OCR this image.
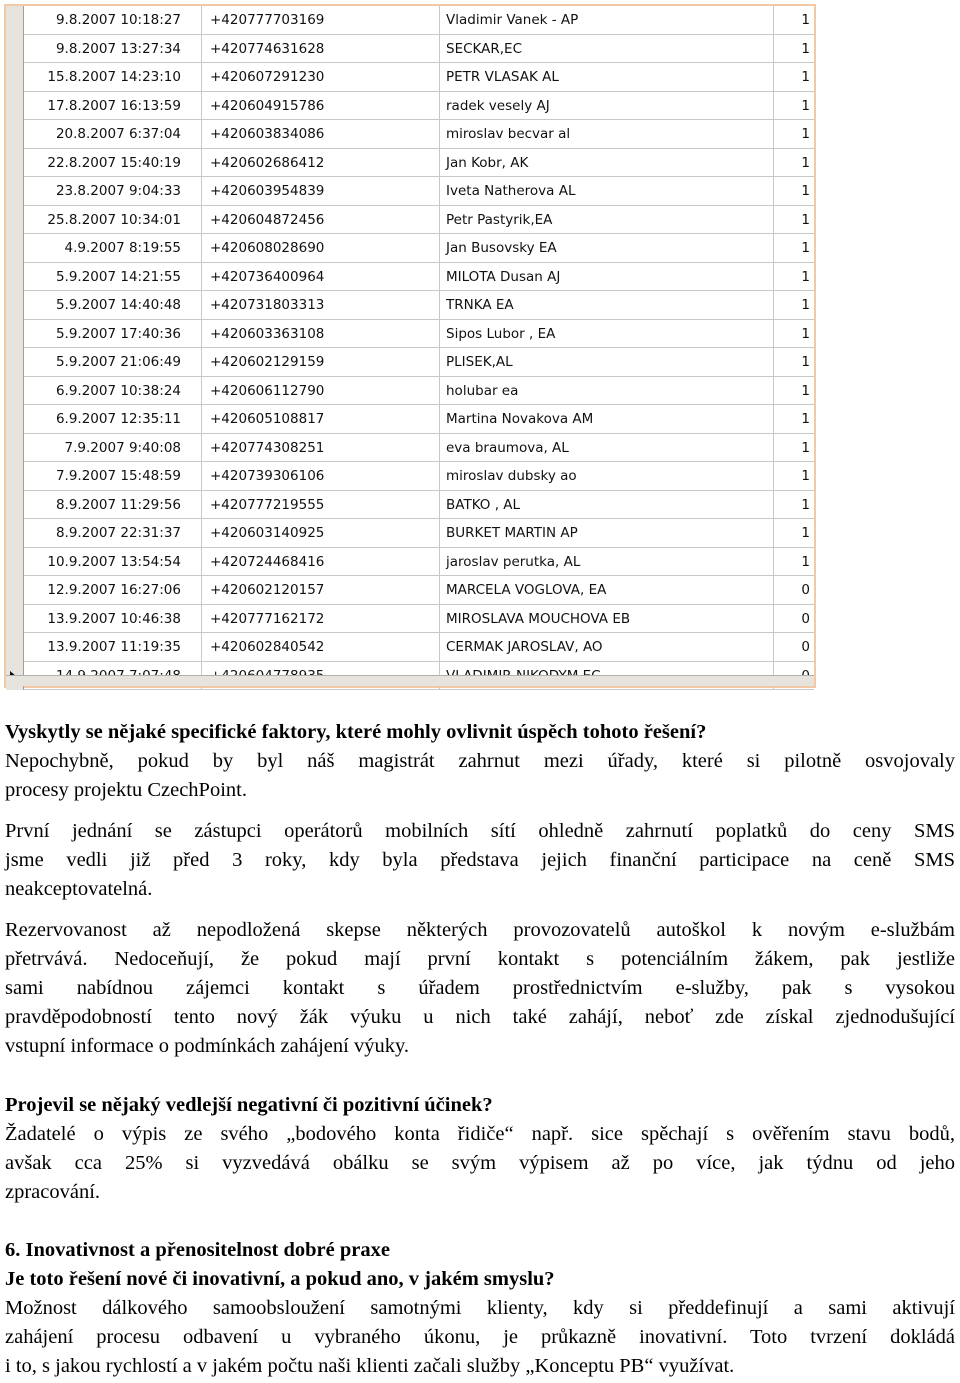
9.8.2007 10:18:27	+420777703169	Vladimir Vanek - AP	1
9.8.2007 13:27:34	+420774631628	SECKAR,EC	1
15.8.2007 14:23:10	+420607291230	PETR VLASAK AL	1
17.8.2007 16:13:59	+420604915786	radek vesely AJ	1
20.8.2007 6:37:04	+420603834086	miroslav becvar al	1
22.8.2007 15:40:19	+420602686412	Jan Kobr, AK	1
23.8.2007 9:04:33	+420603954839	Iveta Natherova AL	1
25.8.2007 10:34:01	+420604872456	Petr Pastyrik,EA	1
4.9.2007 8:19:55	+420608028690	Jan Busovsky EA	1
5.9.2007 14:21:55	+420736400964	MILOTA Dusan AJ	1
5.9.2007 14:40:48	+420731803313	TRNKA EA	1
5.9.2007 17:40:36	+420603363108	Sipos Lubor , EA	1
5.9.2007 21:06:49	+420602129159	PLISEK,AL	1
6.9.2007 10:38:24	+420606112790	holubar ea	1
6.9.2007 12:35:11	+420605108817	Martina Novakova AM	1
7.9.2007 9:40:08	+420774308251	eva braumova, AL	1
7.9.2007 15:48:59	+420739306106	miroslav dubsky ao	1
8.9.2007 11:29:56	+420777219555	BATKO , AL	1
8.9.2007 22:31:37	+420603140925	BURKET MARTIN AP	1
10.9.2007 13:54:54	+420724468416	jaroslav perutka, AL	1
12.9.2007 16:27:06	+420602120157	MARCELA VOGLOVA, EA	0
13.9.2007 10:46:38	+420777162172	MIROSLAVA MOUCHOVA EB	0
13.9.2007 11:19:35	+420602840542	CERMAK JAROSLAV, AO	0
Vyskytly se nějaké specifické faktory, které mohly ovlivnit úspěch tohoto řešení?
Nepochybně, pokud by byl náš magistrát zahrnut mezi úřady, které si pilotně osvojovaly
procesy projektu CzechPoint.
První jednání se zástupci operátorů mobilních sítí ohledně zahrnutí poplatků do ceny SMS
jsme vedli již před 3 roky, kdy byla představa jejich finanční participace na ceně SMS
neakceptovatelná.
Rezervovanost až nepodložená skepse některých provozovatelů autoškol k novým e-službám
přetrvává. Nedoceňují, že pokud mají první kontakt s potenciálním žákem, pak jestliže
sami nabídnou zájemci kontakt s úřadem prostřednictvím e-služby, pak s vysokou
pravděpodobností tento nový žák výuku u nich také zahájí, neboť zde získal zjednodušující
vstupní informace o podmínkách zahájení výuky.
Projevil se nějaký vedlejší negativní či pozitivní účinek?
Žadatelé o výpis ze svého „bodového konta řidiče“ např. sice spěchají s ověřením stavu bodů,
avšak cca 25% si vyzvedává obálku se svým výpisem až po více, jak týdnu od jeho
zpracování.
6. Inovativnost a přenositelnost dobré praxe
Je toto řešení nové či inovativní, a pokud ano, v jakém smyslu?
Možnost dálkového samoobsloužení samotnými klienty, kdy si předdefinují a sami aktivují
zahájení procesu odbavení u vybraného úkonu, je průkazně inovativní. Toto tvrzení dokládá
i to, s jakou rychlostí a v jakém počtu naši klienti začali služby „Konceptu PB“ využívat.
